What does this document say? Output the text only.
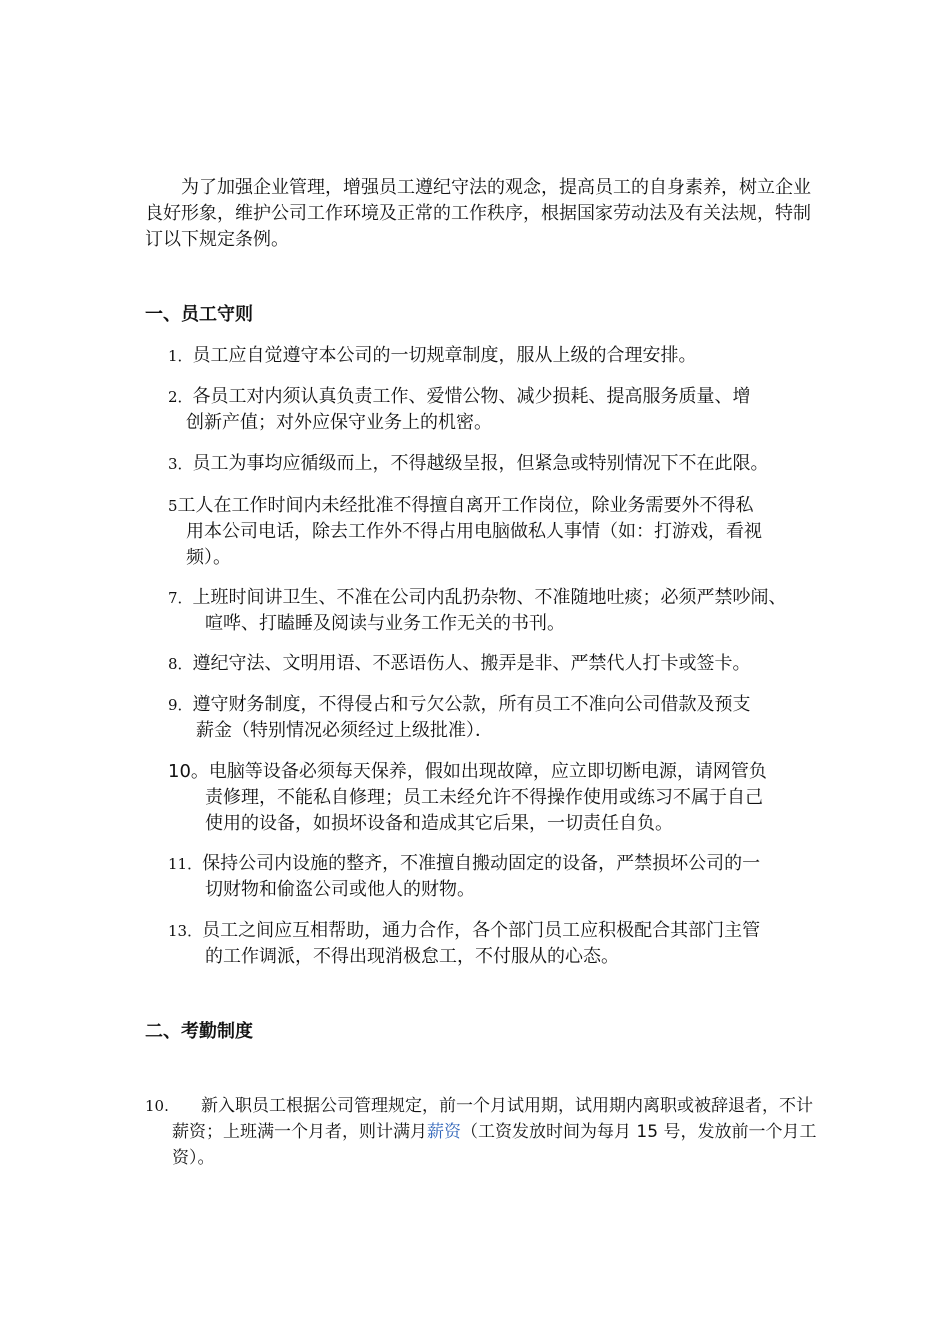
为了加强企业管理，增强员工遵纪守法的观念，提高员工的自身素养，树立企业良好形象，维护公司工作环境及正常的工作秩序，根据国家劳动法及有关法规，特制订以下规定条例。

一、员工守则

1．员工应自觉遵守本公司的一切规章制度，服从上级的合理安排。

2．各员工对内须认真负责工作、爱惜公物、减少损耗、提高服务质量、增

创新产值；对外应保守业务上的机密。

3．员工为事均应循级而上，不得越级呈报，但紧急或特别情况下不在此限。

5工人在工作时间内未经批准不得擅自离开工作岗位，除业务需要外不得私

用本公司电话，除去工作外不得占用电脑做私人事情（如：打游戏，看视

频）。

7．上班时间讲卫生、不准在公司内乱扔杂物、不准随地吐痰；必须严禁吵闹、

喧哗、打瞌睡及阅读与业务工作无关的书刊。

8．遵纪守法、文明用语、不恶语伤人、搬弄是非、严禁代人打卡或签卡。

9．遵守财务制度，不得侵占和亏欠公款，所有员工不准向公司借款及预支

薪金（特别情况必须经过上级批准）．

10。电脑等设备必须每天保养，假如出现故障，应立即切断电源，请网管负

责修理，不能私自修理；员工未经允许不得操作使用或练习不属于自己

使用的设备，如损坏设备和造成其它后果，一切责任自负。

11．保持公司内设施的整齐，不准擅自搬动固定的设备，严禁损坏公司的一

切财物和偷盗公司或他人的财物。

13．员工之间应互相帮助，通力合作，各个部门员工应积极配合其部门主管

的工作调派，不得出现消极怠工，不付服从的心态。

二、考勤制度

10. 新入职员工根据公司管理规定，前一个月试用期，试用期内离职或被辞退者，不计

薪资；上班满一个月者，则计满月薪资（工资发放时间为每月 15 号，发放前一个月工

资）。
